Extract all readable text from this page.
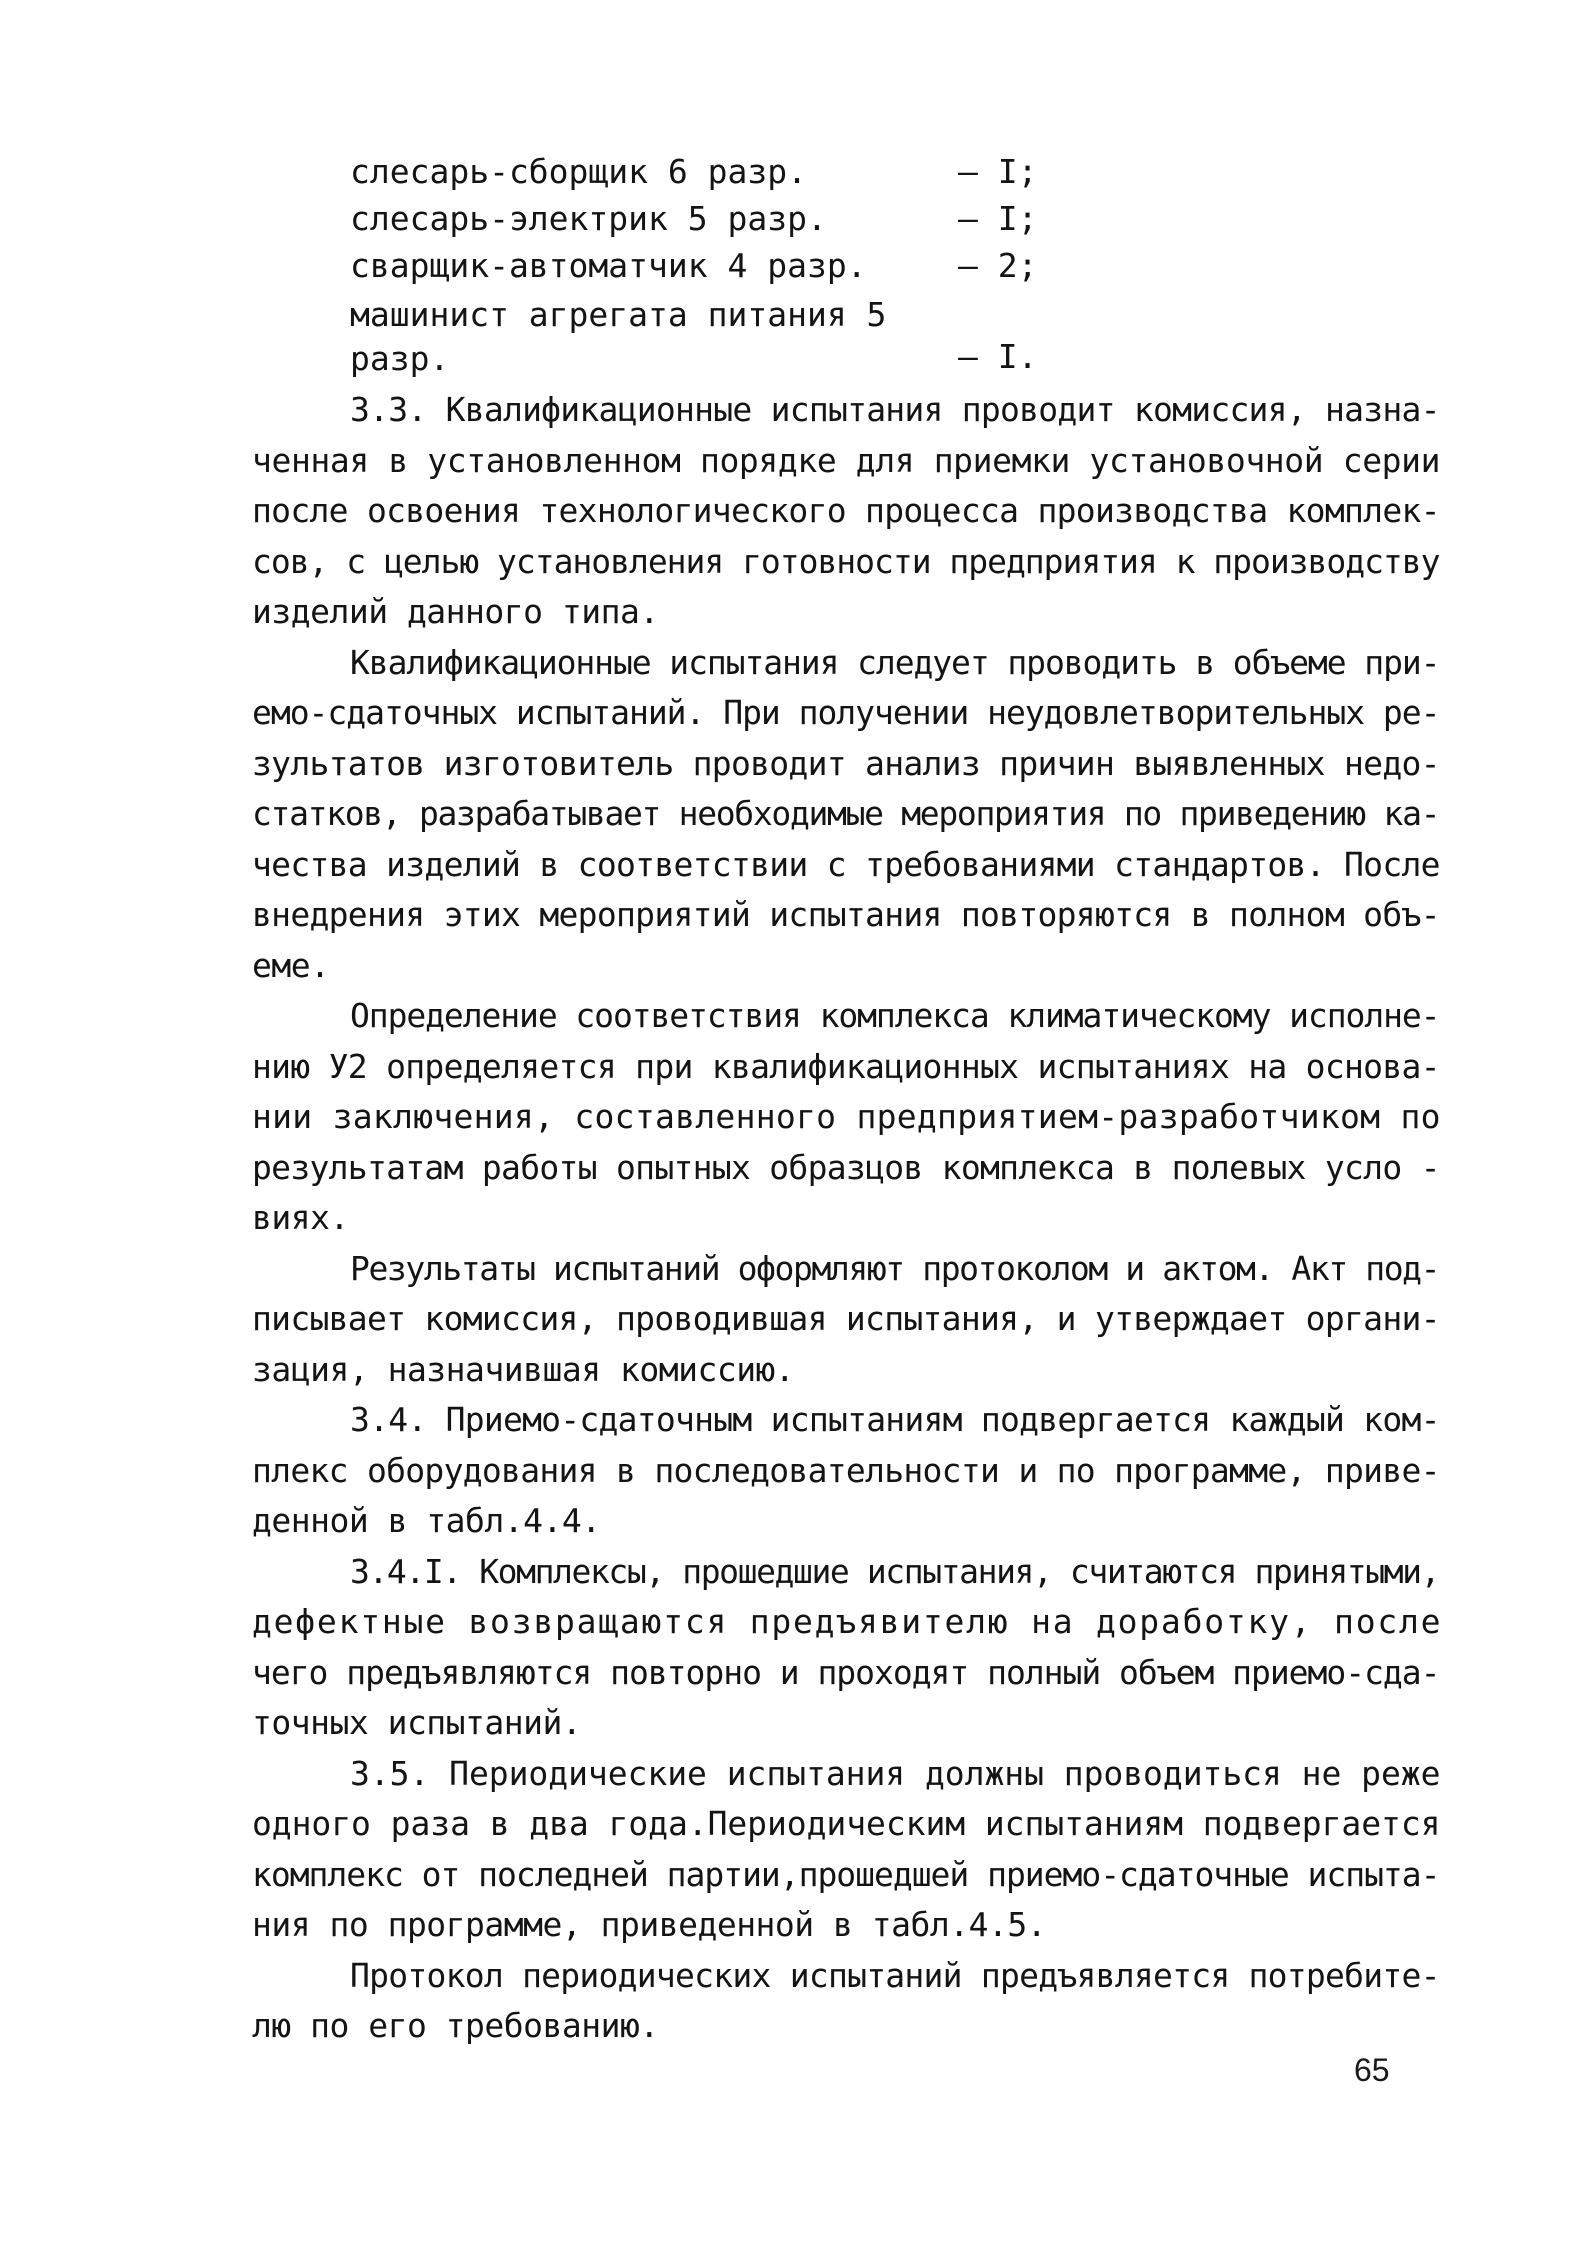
слесарь-сборщик 6 разр.	– I;
слесарь-электрик 5 разр.	– I;
сварщик-автоматчик 4 разр.	– 2;
машинист агрегата питания 5 разр.	– I.
3.3. Квалификационные испытания проводит комиссия, назна-
ченная в установленном порядке для приемки установочной серии
после освоения технологического процесса производства комплек-
сов, с целью установления готовности предприятия к производству
изделий данного типа.
Квалификационные испытания следует проводить в объеме при-
емо-сдаточных испытаний. При получении неудовлетворительных ре-
зультатов изготовитель проводит анализ причин выявленных недо-
статков, разрабатывает необходимые мероприятия по приведению ка-
чества изделий в соответствии с требованиями стандартов. После
внедрения этих мероприятий испытания повторяются в полном объ-
еме.
Определение соответствия комплекса климатическому исполне-
нию У2 определяется при квалификационных испытаниях на основа-
нии заключения, составленного предприятием-разработчиком по
результатам работы опытных образцов комплекса в полевых усло -
виях.
Результаты испытаний оформляют протоколом и актом. Акт под-
писывает комиссия, проводившая испытания, и утверждает органи-
зация, назначившая комиссию.
3.4. Приемо-сдаточным испытаниям подвергается каждый ком-
плекс оборудования в последовательности и по программе, приве-
денной в табл.4.4.
3.4.I. Комплексы, прошедшие испытания, считаются принятыми,
дефектные возвращаются предъявителю на доработку, после
чего предъявляются повторно и проходят полный объем приемо-сда-
точных испытаний.
3.5. Периодические испытания должны проводиться не реже
одного раза в два года.Периодическим испытаниям подвергается
комплекс от последней партии,прошедшей приемо-сдаточные испыта-
ния по программе, приведенной в табл.4.5.
Протокол периодических испытаний предъявляется потребите-
лю по его требованию.
65
